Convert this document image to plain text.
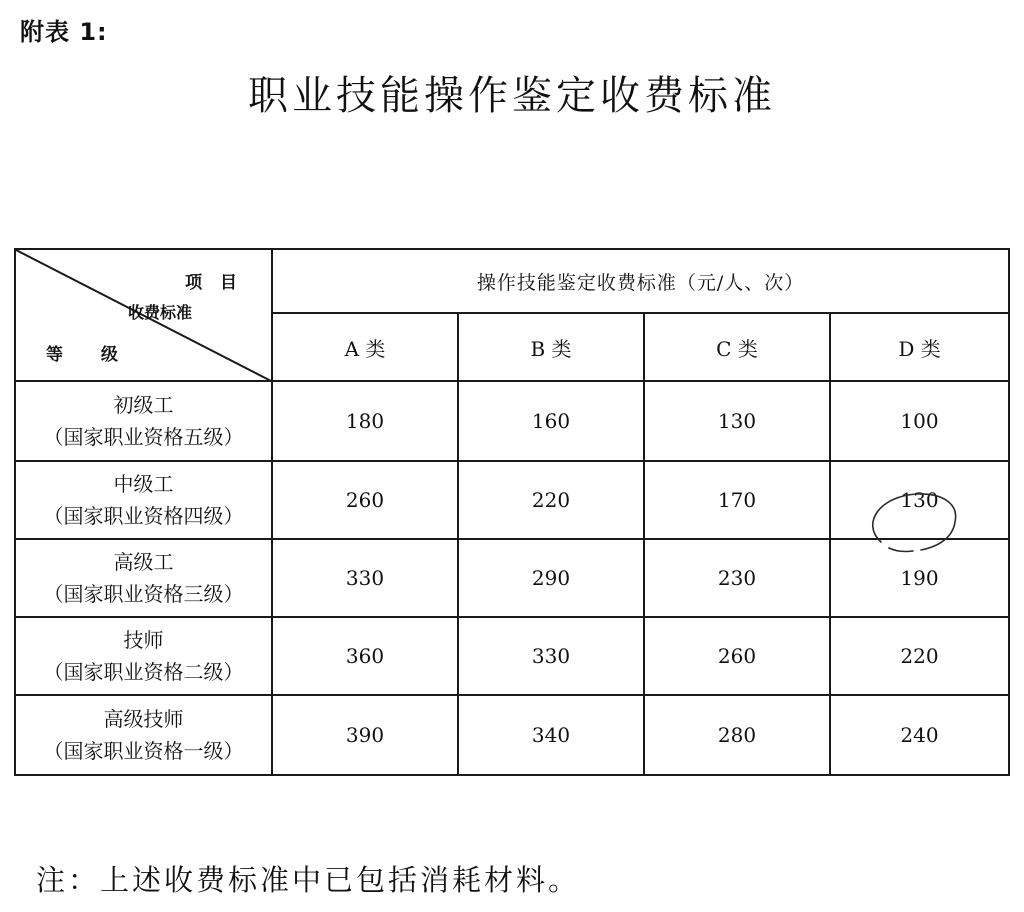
附表 1:
职业技能操作鉴定收费标准
项 目
收费标准
等 级	操作技能鉴定收费标准（元/人、次）			
	A 类	B 类	C 类	D 类

初级工
（国家职业资格五级）	180	160	130	100

中级工
（国家职业资格四级）	260	220	170	130

高级工
（国家职业资格三级）	330	290	230	190

技师
（国家职业资格二级）	360	330	260	220

高级技师
（国家职业资格一级）	390	340	280	240
注：上述收费标准中已包括消耗材料。
